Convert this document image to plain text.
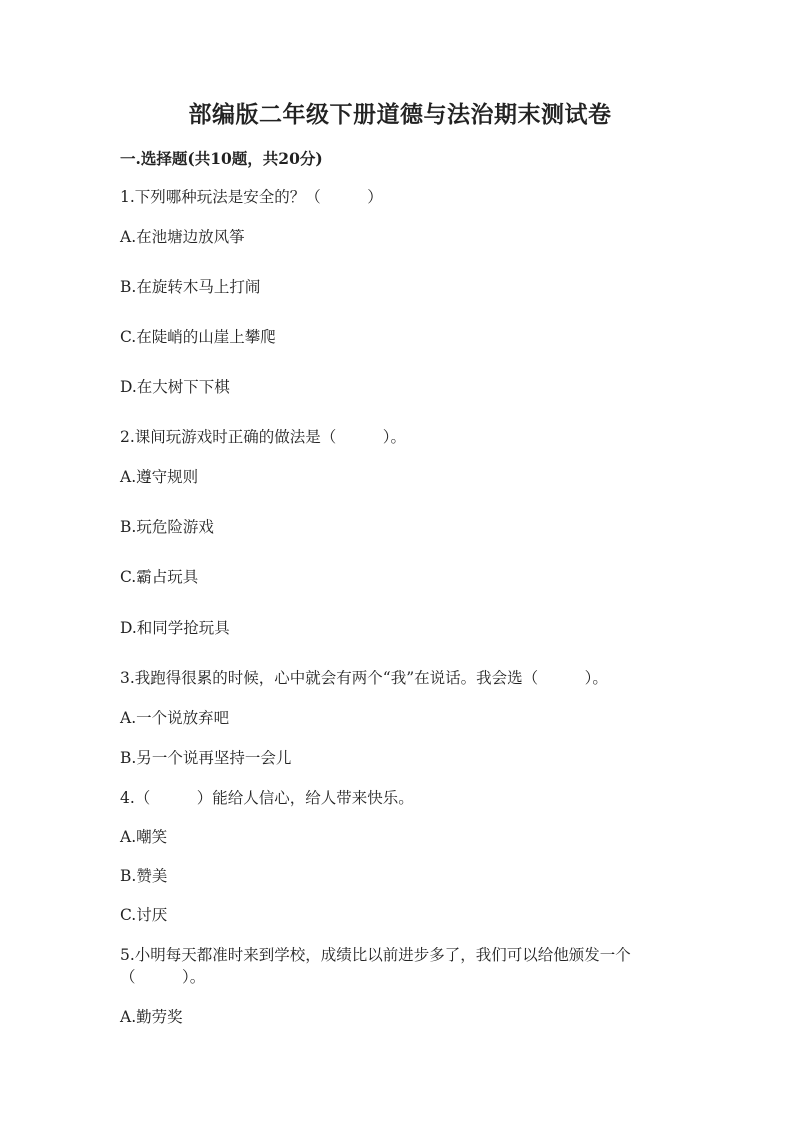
部编版二年级下册道德与法治期末测试卷
一.选择题(共10题，共20分)
1.下列哪种玩法是安全的？（　　　）
A.在池塘边放风筝
B.在旋转木马上打闹
C.在陡峭的山崖上攀爬
D.在大树下下棋
2.课间玩游戏时正确的做法是（　　　）。
A.遵守规则
B.玩危险游戏
C.霸占玩具
D.和同学抢玩具
3.我跑得很累的时候，心中就会有两个“我”在说话。我会选（　　　）。
A.一个说放弃吧
B.另一个说再坚持一会儿
4.（　　　）能给人信心，给人带来快乐。
A.嘲笑
B.赞美
C.讨厌
5.小明每天都准时来到学校，成绩比以前进步多了，我们可以给他颁发一个
（　　　）。
A.勤劳奖
